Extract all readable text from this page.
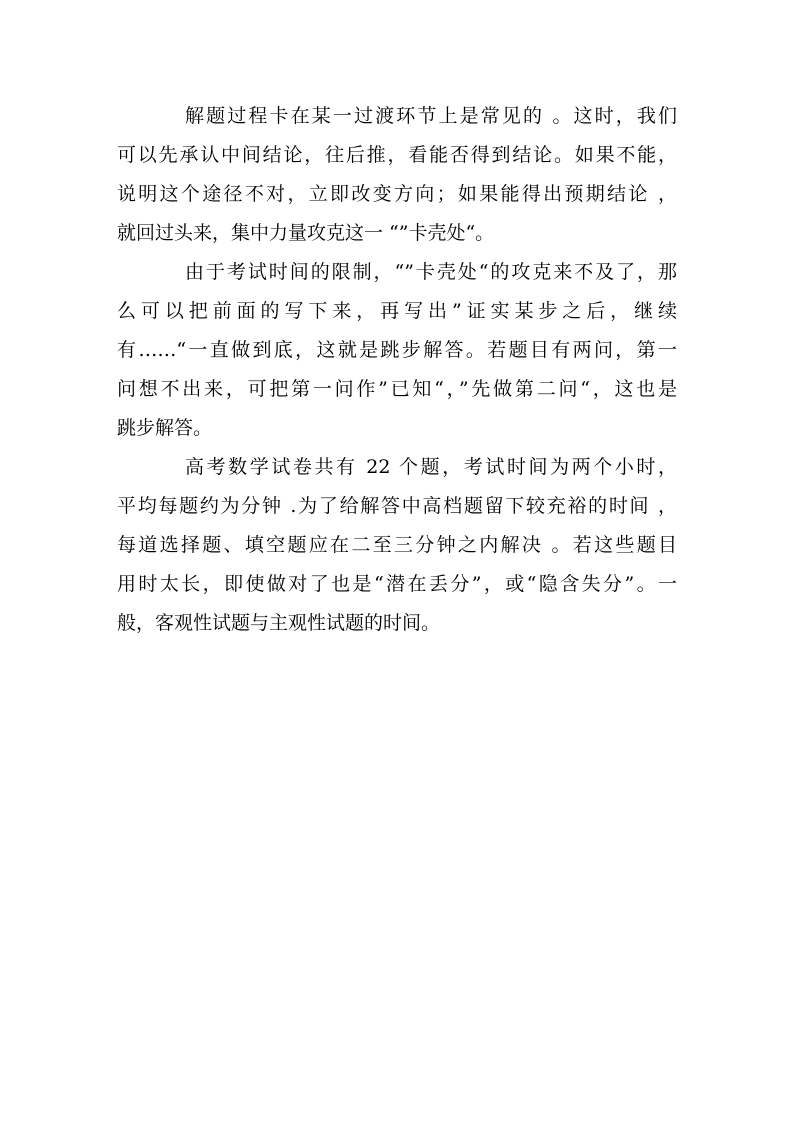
解题过程卡在某一过渡环节上是常见的 。这时，我们
可以先承认中间结论，往后推，看能否得到结论。如果不能，
说明这个途径不对，立即改变方向；如果能得出预期结论 ，
就回过头来，集中力量攻克这一 “”卡壳处“。
由于考试时间的限制，“”卡壳处“的攻克来不及了，那
么可以把前面的写下来，再写出”证实某步之后，继续
有……“一直做到底，这就是跳步解答。若题目有两问，第一
问想不出来，可把第一问作”已知“，”先做第二问“，这也是
跳步解答。
高考数学试卷共有 22 个题，考试时间为两个小时，
平均每题约为分钟 .为了给解答中高档题留下较充裕的时间 ，
每道选择题、填空题应在二至三分钟之内解决 。若这些题目
用时太长，即使做对了也是“潜在丢分”，或“隐含失分”。一
般，客观性试题与主观性试题的时间。
